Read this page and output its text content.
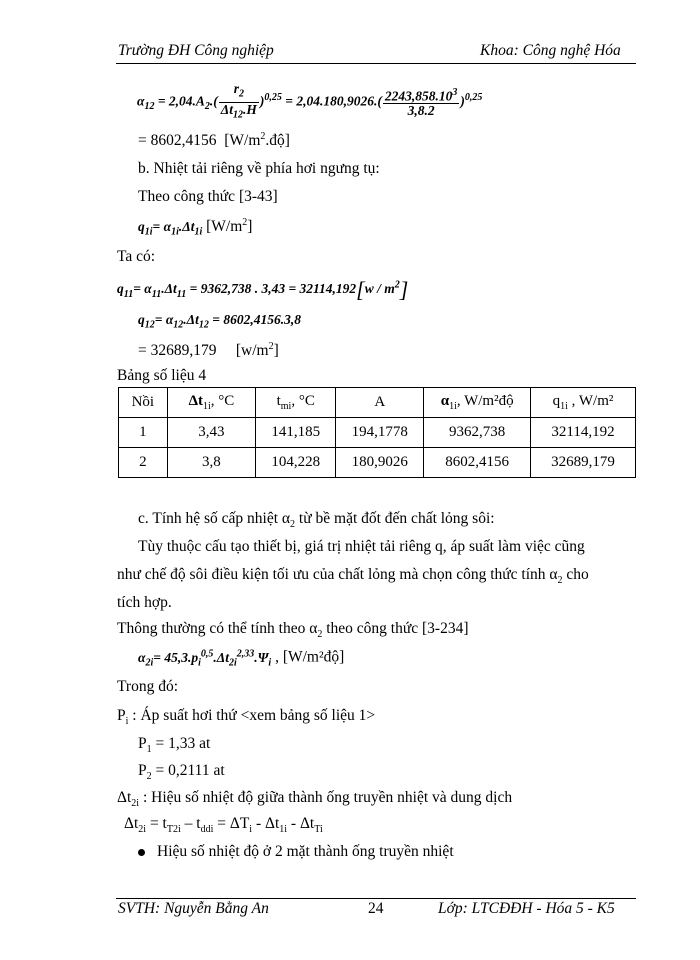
Trường ĐH Công nghiệp	Khoa: Công nghệ Hóa
$\alpha_{12} = 2,04.A_2.( \frac{r_2}{\Delta t_{12}.H} )^{0,25} = 2,04.180,9026.( \frac{2243,858.10^3}{3,8.2} )^{0,25}$
= 8602,4156 $[W/m^2.độ]$
b. Nhiệt tải riêng về phía hơi ngưng tụ:
Theo công thức [3-43]
$q_{1i}= \alpha_{1i}.\Delta t_{1i}$ $[W/m^2]$
Ta có:
$q_{11}= \alpha_{11}.\Delta t_{11} = 9362,738$ . $3,43 = 32114,192[w / m^2]$
$q_{12}= \alpha_{12}.\Delta t_{12} = 8602,4156.3,8$
= 32689,179 $[w/m^2]$
Bảng số liệu 4
Nồi	$\Delta t_{1i}$, °C	$t_{mi}$, °C	A	$\alpha_{1i}$, W/m²độ	$q_{1i}$ , W/m²
1	3,43	141,185	194,1778	9362,738	32114,192
2	3,8	104,228	180,9026	8602,4156	32689,179
c. Tính hệ số cấp nhiệt $\alpha_2$ từ bề mặt đốt đến chất lỏng sôi:
Tùy thuộc cấu tạo thiết bị, giá trị nhiệt tải riêng q, áp suất làm việc cũng
như chế độ sôi điều kiện tối ưu của chất lỏng mà chọn công thức tính $\alpha_2$ cho
tích hợp.
Thông thường có thể tính theo $\alpha_2$ theo công thức [3-234]
$\alpha_{2i}= 45,3.p_i^{0,5}.\Delta t_{2i}^{2,33}.\Psi_i$ , [W/m²độ]
Trong đó:
$P_i$ : Áp suất hơi thứ <xem bảng số liệu 1>
$P_1 = 1,33$ at
$P_2 = 0,2111$ at
$\Delta t_{2i}$ : Hiệu số nhiệt độ giữa thành ống truyền nhiệt và dung dịch
$\Delta t_{2i} = t_{T2i} - t_{ddi} = \Delta T_i - \Delta t_{1i} - \Delta t_{Ti}$
Hiệu số nhiệt độ ở 2 mặt thành ống truyền nhiệt
SVTH: Nguyễn Bằng An	24	Lớp: LTCĐĐH - Hóa 5 - K5
